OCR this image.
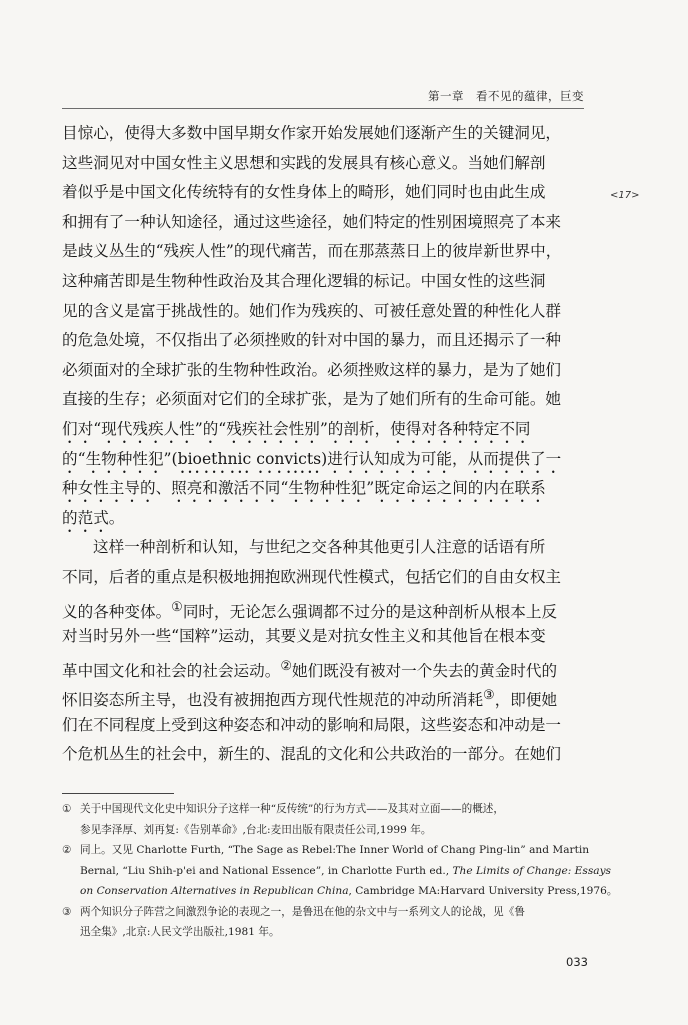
第一章　看不见的蕴律，巨变
<17>
目惊心，使得大多数中国早期女作家开始发展她们逐渐产生的关键洞见，
这些洞见对中国女性主义思想和实践的发展具有核心意义。当她们解剖
着似乎是中国文化传统特有的女性身体上的畸形，她们同时也由此生成
和拥有了一种认知途径，通过这些途径，她们特定的性别困境照亮了本来
是歧义丛生的“残疾人性”的现代痛苦，而在那蒸蒸日上的彼岸新世界中，
这种痛苦即是生物种性政治及其合理化逻辑的标记。中国女性的这些洞
见的含义是富于挑战性的。她们作为残疾的、可被任意处置的种性化人群
的危急处境，不仅指出了必须挫败的针对中国的暴力，而且还揭示了一种
必须面对的全球扩张的生物种性政治。必须挫败这样的暴力，是为了她们
直接的生存；必须面对它们的全球扩张，是为了她们所有的生命可能。她
们对“现代残疾人性”的“残疾社会性别”的剖析，使得对各种特定不同
的“生物种性犯”(bioethnic convicts)进行认知成为可能，从而提供了一
种女性主导的、照亮和激活不同“生物种性犯”既定命运之间的内在联系
的范式。
这样一种剖析和认知，与世纪之交各种其他更引人注意的话语有所
不同，后者的重点是积极地拥抱欧洲现代性模式，包括它们的自由女权主
义的各种变体。①同时，无论怎么强调都不过分的是这种剖析从根本上反
对当时另外一些“国粹”运动，其要义是对抗女性主义和其他旨在根本变
革中国文化和社会的社会运动。②她们既没有被对一个失去的黄金时代的
怀旧姿态所主导，也没有被拥抱西方现代性规范的冲动所消耗③，即便她
们在不同程度上受到这种姿态和冲动的影响和局限，这些姿态和冲动是一
个危机丛生的社会中，新生的、混乱的文化和公共政治的一部分。在她们
① 关于中国现代文化史中知识分子这样一种“反传统”的行为方式——及其对立面——的概述，
参见李泽厚、刘再复:《告别革命》,台北:麦田出版有限责任公司,1999 年。
② 同上。又见 Charlotte Furth, “The Sage as Rebel:The Inner World of Chang Ping-lin” and Martin
Bernal, “Liu Shih-p'ei and National Essence”, in Charlotte Furth ed., The Limits of Change: Essays
on Conservation Alternatives in Republican China, Cambridge MA:Harvard University Press,1976。
③ 两个知识分子阵营之间激烈争论的表现之一，是鲁迅在他的杂文中与一系列文人的论战，见《鲁
迅全集》,北京:人民文学出版社,1981 年。
033
